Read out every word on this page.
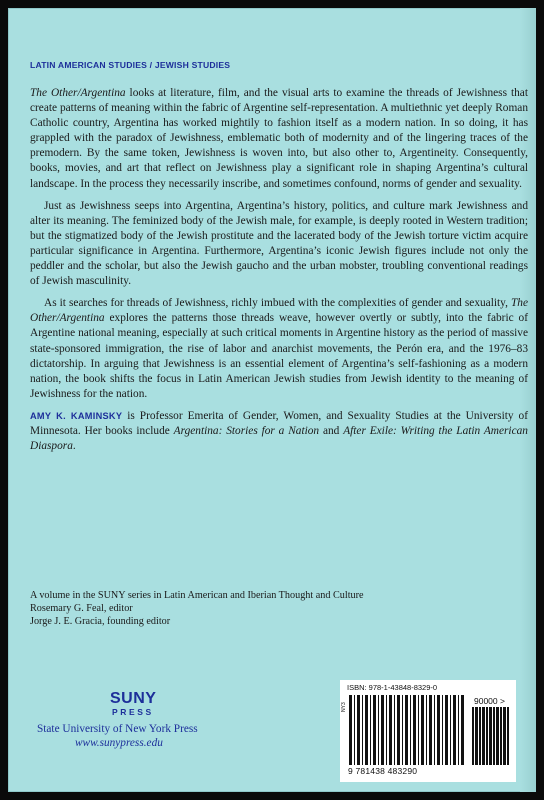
LATIN AMERICAN STUDIES / JEWISH STUDIES

The Other/Argentina looks at literature, film, and the visual arts to examine the threads of Jewishness that create patterns of meaning within the fabric of Argentine self-representation. A multiethnic yet deeply Roman Catholic country, Argentina has worked mightily to fashion itself as a modern nation. In so doing, it has grappled with the paradox of Jewishness, emblematic both of modernity and of the lingering traces of the premodern. By the same token, Jewishness is woven into, but also other to, Argentineity. Consequently, books, movies, and art that reflect on Jewishness play a significant role in shaping Argentina’s cultural landscape. In the process they necessarily inscribe, and sometimes confound, norms of gender and sexuality.

Just as Jewishness seeps into Argentina, Argentina’s history, politics, and culture mark Jewishness and alter its meaning. The feminized body of the Jewish male, for example, is deeply rooted in Western tradition; but the stigmatized body of the Jewish prostitute and the lacerated body of the Jewish torture victim acquire particular significance in Argentina. Furthermore, Argentina’s iconic Jewish figures include not only the peddler and the scholar, but also the Jewish gaucho and the urban mobster, troubling conventional readings of Jewish masculinity.

As it searches for threads of Jewishness, richly imbued with the complexities of gender and sexuality, The Other/Argentina explores the patterns those threads weave, however overtly or subtly, into the fabric of Argentine national meaning, especially at such critical moments in Argentine history as the period of massive state-sponsored immigration, the rise of labor and anarchist movements, the Perón era, and the 1976–83 dictatorship. In arguing that Jewishness is an essential element of Argentina’s self-fashioning as a modern nation, the book shifts the focus in Latin American Jewish studies from Jewish identity to the meaning of Jewishness for the nation.

AMY K. KAMINSKY is Professor Emerita of Gender, Women, and Sexuality Studies at the University of Minnesota. Her books include Argentina: Stories for a Nation and After Exile: Writing the Latin American Diaspora.

A volume in the SUNY series in Latin American and Iberian Thought and Culture
Rosemary G. Feal, editor
Jorge J. E. Gracia, founding editor
SUNY
PRESS
State University of New York Press
www.sunypress.edu
ISBN: 978-1-43848-8329-0
90000 >
NY3
9 781438 483290
